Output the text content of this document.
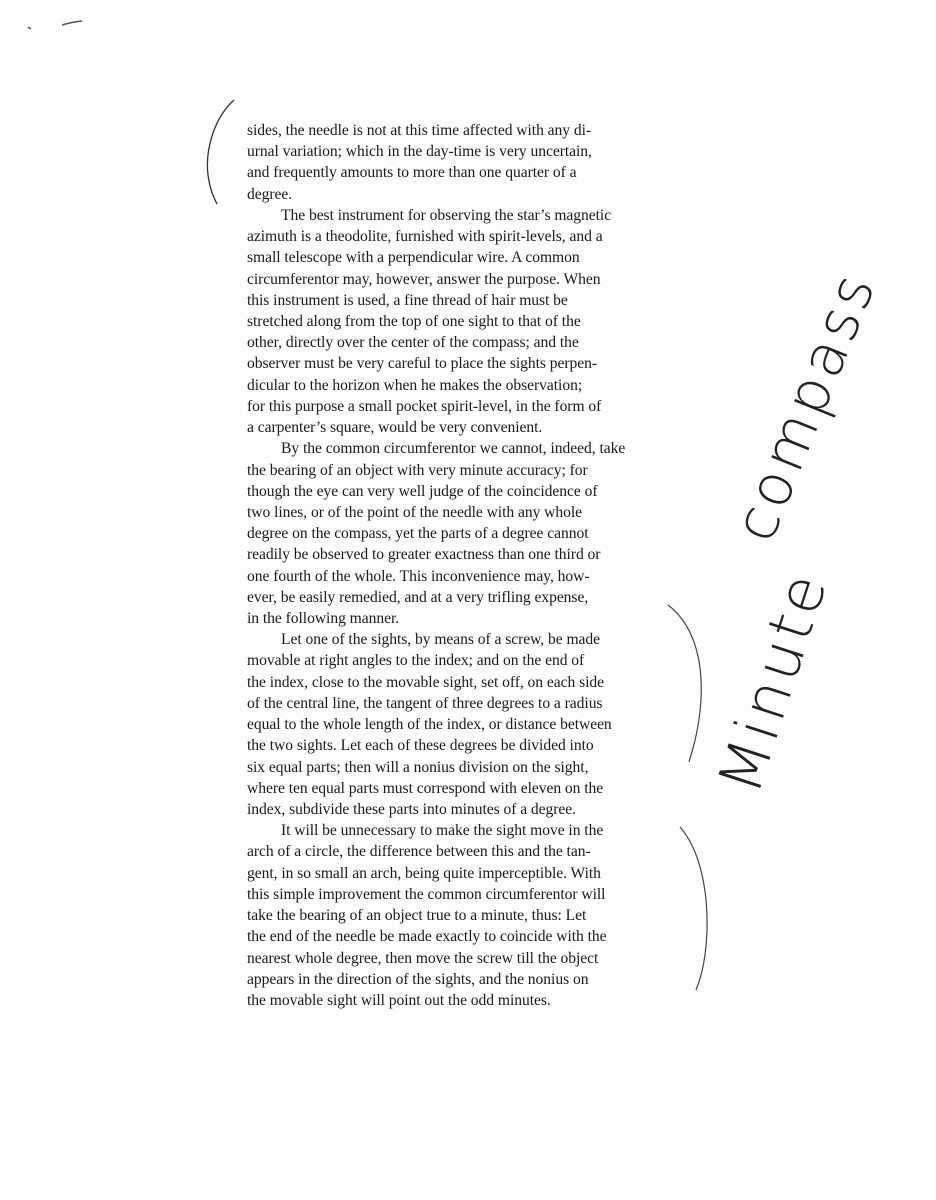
sides, the needle is not at this time affected with any di-
urnal variation; which in the day-time is very uncertain,
and frequently amounts to more than one quarter of a
degree.
The best instrument for observing the star’s magnetic
azimuth is a theodolite, furnished with spirit-levels, and a
small telescope with a perpendicular wire. A common
circumferentor may, however, answer the purpose. When
this instrument is used, a fine thread of hair must be
stretched along from the top of one sight to that of the
other, directly over the center of the compass; and the
observer must be very careful to place the sights perpen-
dicular to the horizon when he makes the observation;
for this purpose a small pocket spirit-level, in the form of
a carpenter’s square, would be very convenient.
By the common circumferentor we cannot, indeed, take
the bearing of an object with very minute accuracy; for
though the eye can very well judge of the coincidence of
two lines, or of the point of the needle with any whole
degree on the compass, yet the parts of a degree cannot
readily be observed to greater exactness than one third or
one fourth of the whole. This inconvenience may, how-
ever, be easily remedied, and at a very trifling expense,
in the following manner.
Let one of the sights, by means of a screw, be made
movable at right angles to the index; and on the end of
the index, close to the movable sight, set off, on each side
of the central line, the tangent of three degrees to a radius
equal to the whole length of the index, or distance between
the two sights. Let each of these degrees be divided into
six equal parts; then will a nonius division on the sight,
where ten equal parts must correspond with eleven on the
index, subdivide these parts into minutes of a degree.
It will be unnecessary to make the sight move in the
arch of a circle, the difference between this and the tan-
gent, in so small an arch, being quite imperceptible. With
this simple improvement the common circumferentor will
take the bearing of an object true to a minute, thus: Let
the end of the needle be made exactly to coincide with the
nearest whole degree, then move the screw till the object
appears in the direction of the sights, and the nonius on
the movable sight will point out the odd minutes.
compass
Minute
